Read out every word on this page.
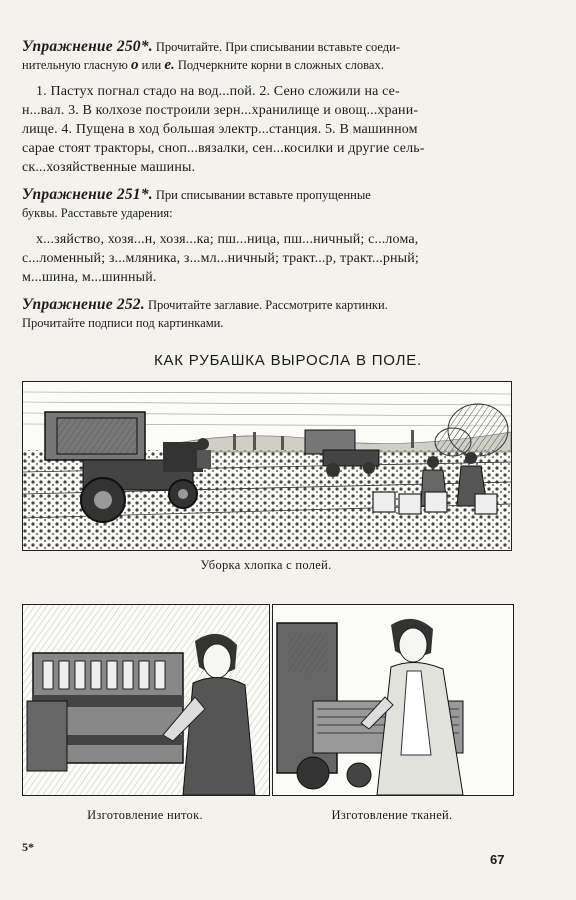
Упражнение 250*. Прочитайте. При списывании вставьте соеди-

нительную гласную о или е. Подчеркните корни в сложных словах.

1. Пастух погнал стадо на вод...пой. 2. Сено сложили на се-

н...вал. 3. В колхозе построили зерн...хранилище и овощ...храни-

лище. 4. Пущена в ход большая электр...станция. 5. В машинном

сарае стоят тракторы, сноп...вязалки, сен...косилки и другие сель-

ск...хозяйственные машины.

Упражнение 251*. При списывании вставьте пропущенные

буквы. Расставьте ударения:

х...зяйство, хозя...н, хозя...ка; пш...ница, пш...ничный; с...лома,

с...ломенный; з...мляника, з...мл...ничный; тракт...р, тракт...рный;

м...шина, м...шинный.

Упражнение 252. Прочитайте заглавие. Рассмотрите картинки.

Прочитайте подписи под картинками.

КАК РУБАШКА ВЫРОСЛА В ПОЛЕ.
Уборка хлопка с полей.
Изготовление ниток.	Изготовление тканей.
5*
67
